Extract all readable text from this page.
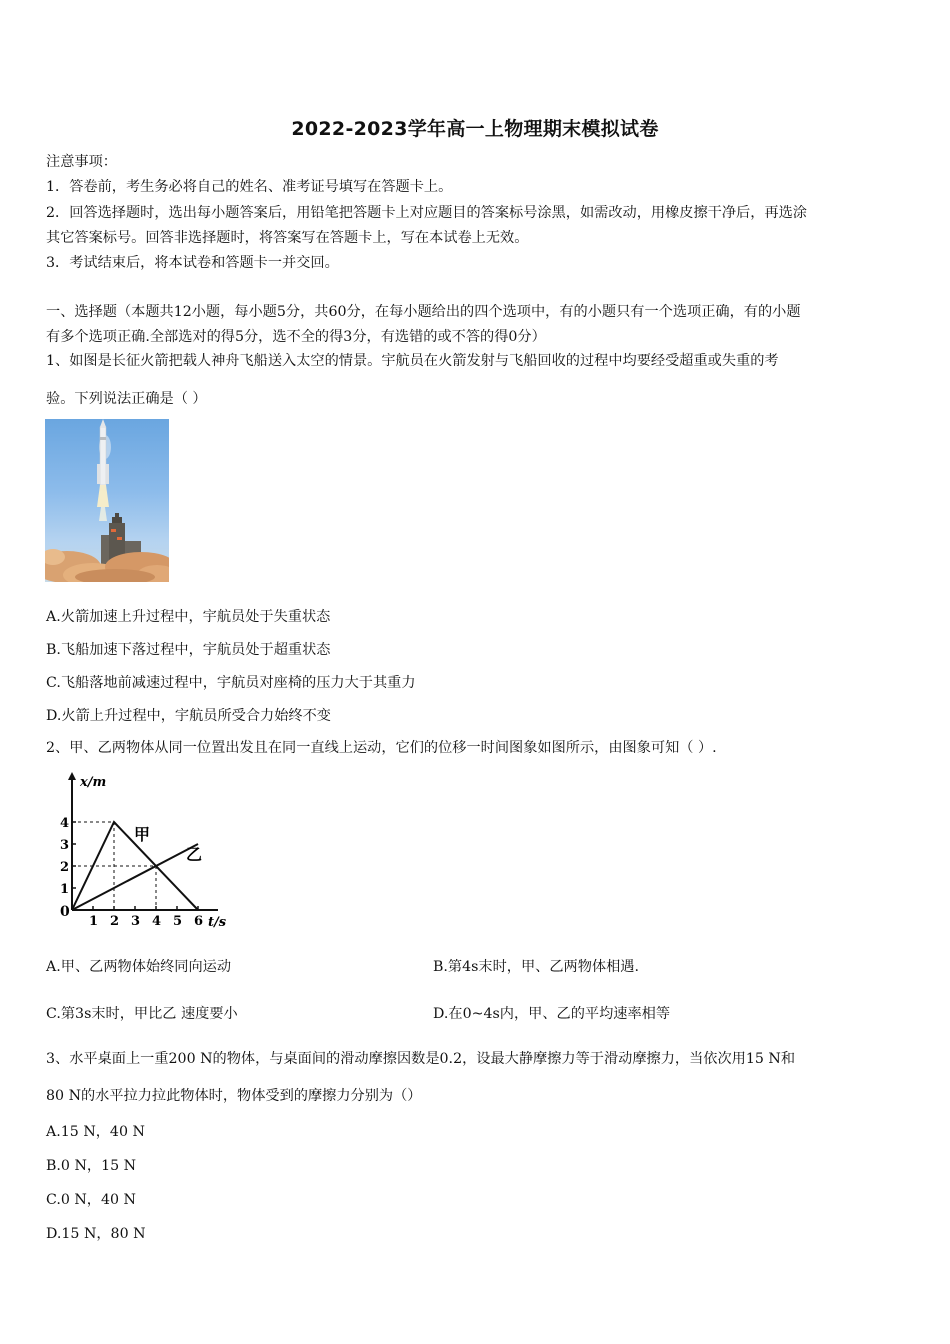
2022-2023学年高一上物理期末模拟试卷
注意事项：
1．答卷前，考生务必将自己的姓名、准考证号填写在答题卡上。
2．回答选择题时，选出每小题答案后，用铅笔把答题卡上对应题目的答案标号涂黑，如需改动，用橡皮擦干净后，再选涂
其它答案标号。回答非选择题时，将答案写在答题卡上，写在本试卷上无效。
3．考试结束后，将本试卷和答题卡一并交回。
一、选择题（本题共12小题，每小题5分，共60分，在每小题给出的四个选项中，有的小题只有一个选项正确，有的小题
有多个选项正确.全部选对的得5分，选不全的得3分，有选错的或不答的得0分）
1、如图是长征火箭把载人神舟飞船送入太空的情景。宇航员在火箭发射与飞船回收的过程中均要经受超重或失重的考
验。下列说法正确是（ ）
A.火箭加速上升过程中，宇航员处于失重状态
B.飞船加速下落过程中，宇航员处于超重状态
C.飞船落地前减速过程中，宇航员对座椅的压力大于其重力
D.火箭上升过程中，宇航员所受合力始终不变
2、甲、乙两物体从同一位置出发且在同一直线上运动，它们的位移一时间图象如图所示，由图象可知（ ）.
x/m
t/s
0
1 2 3 4 5 6
1
2
3
4
甲
乙
A.甲、乙两物体始终同向运动	B.第4s末时，甲、乙两物体相遇.
C.第3s末时，甲比乙 速度要小	D.在0~4s内，甲、乙的平均速率相等
3、水平桌面上一重200 N的物体，与桌面间的滑动摩擦因数是0.2，设最大静摩擦力等于滑动摩擦力，当依次用15 N和
80 N的水平拉力拉此物体时，物体受到的摩擦力分别为（）
A.15 N，40 N
B.0 N，15 N
C.0 N，40 N
D.15 N，80 N
